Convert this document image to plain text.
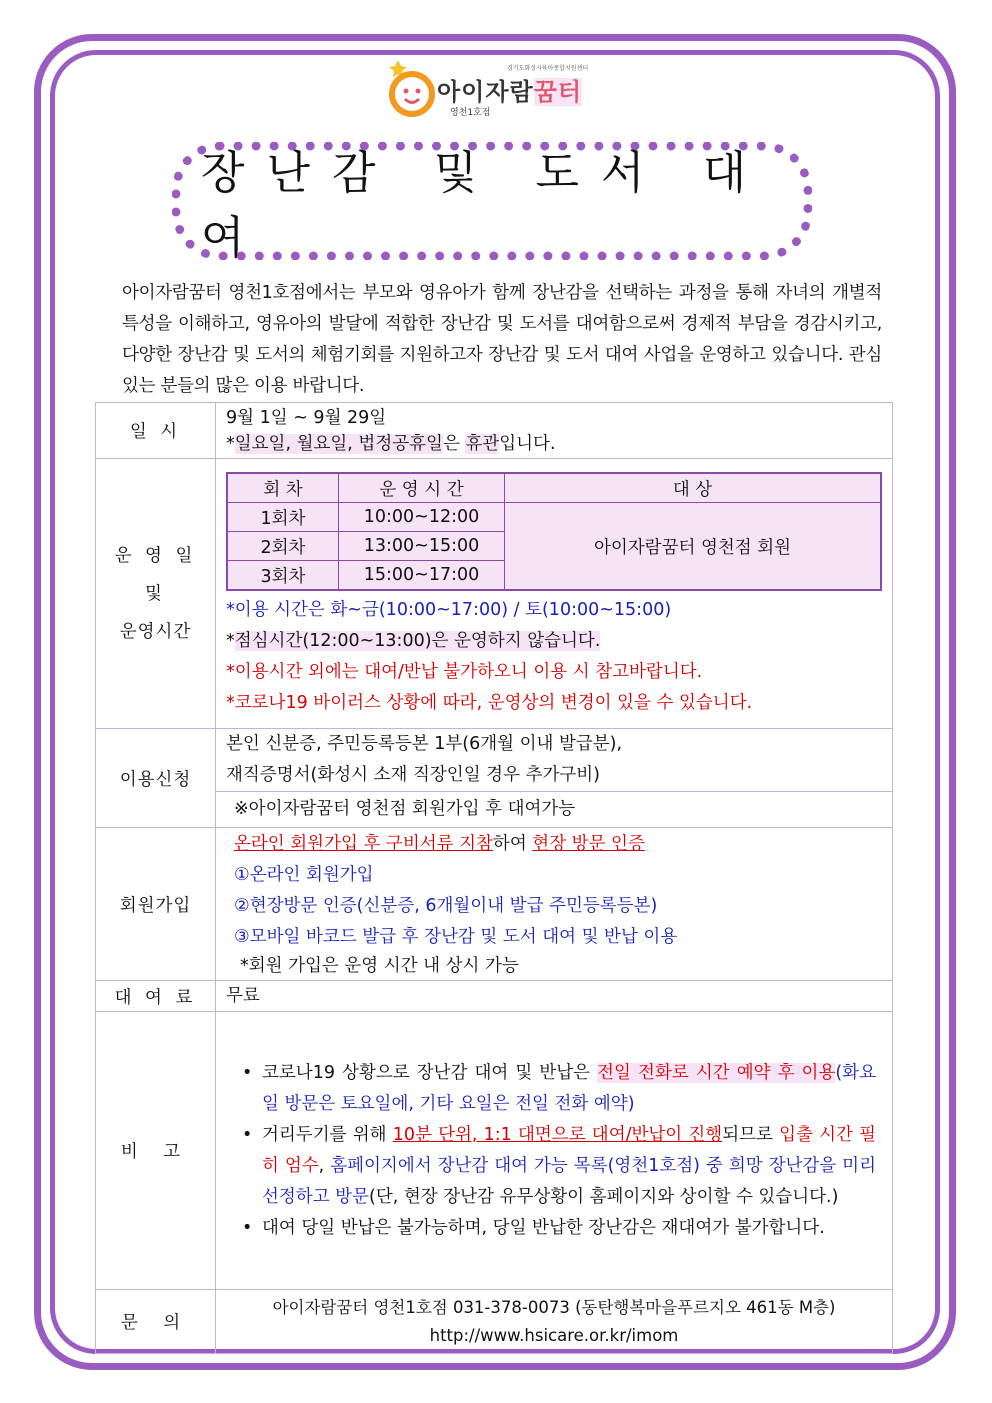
아이자람꿈터
영천1호점
경기도화성시육아종합지원센터
장난감 및 도서 대여
아이자람꿈터 영천1호점에서는 부모와 영유아가 함께 장난감을 선택하는 과정을 통해 자녀의 개별적 특성을 이해하고, 영유아의 발달에 적합한 장난감 및 도서를 대여함으로써 경제적 부담을 경감시키고, 다양한 장난감 및 도서의 체험기회를 지원하고자 장난감 및 도서 대여 사업을 운영하고 있습니다. 관심 있는 분들의 많은 이용 바랍니다.
일 시	
9월 1일 ~ 9월 29일
*일요일, 월요일, 법정공휴일은 휴관입니다.

운 영 일
및
운영시간	
회 차	운 영 시 간	대 상
1회차	10:00~12:00	아이자람꿈터 영천점 회원
2회차	13:00~15:00
3회차	15:00~17:00
*이용 시간은 화~금(10:00~17:00) / 토(10:00~15:00)
*점심시간(12:00~13:00)은 운영하지 않습니다.
*이용시간 외에는 대여/반납 불가하오니 이용 시 참고바랍니다.
*코로나19 바이러스 상황에 따라, 운영상의 변경이 있을 수 있습니다.

이용신청	
본인 신분증, 주민등록등본 1부(6개월 이내 발급분),
재직증명서(화성시 소재 직장인일 경우 추가구비)

※아이자람꿈터 영천점 회원가입 후 대여가능

회원가입	
온라인 회원가입 후 구비서류 지참하여 현장 방문 인증
①온라인 회원가입
②현장방문 인증(신분증, 6개월이내 발급 주민등록등본)
③모바일 바코드 발급 후 장난감 및 도서 대여 및 반납 이용
*회원 가입은 운영 시간 내 상시 가능

대 여 료	무료

비 고	
• 코로나19 상황으로 장난감 대여 및 반납은 전일 전화로 시간 예약 후 이용(화요일 방문은 토요일에, 기타 요일은 전일 전화 예약)
• 거리두기를 위해 10분 단위, 1:1 대면으로 대여/반납이 진행되므로 입출 시간 필히 엄수, 홈페이지에서 장난감 대여 가능 목록(영천1호점) 중 희망 장난감을 미리 선정하고 방문(단, 현장 장난감 유무상황이 홈페이지와 상이할 수 있습니다.)
• 대여 당일 반납은 불가능하며, 당일 반납한 장난감은 재대여가 불가합니다.

문 의	
아이자람꿈터 영천1호점 031-378-0073 (동탄행복마을푸르지오 461동 M층)
http://www.hsicare.or.kr/imom
